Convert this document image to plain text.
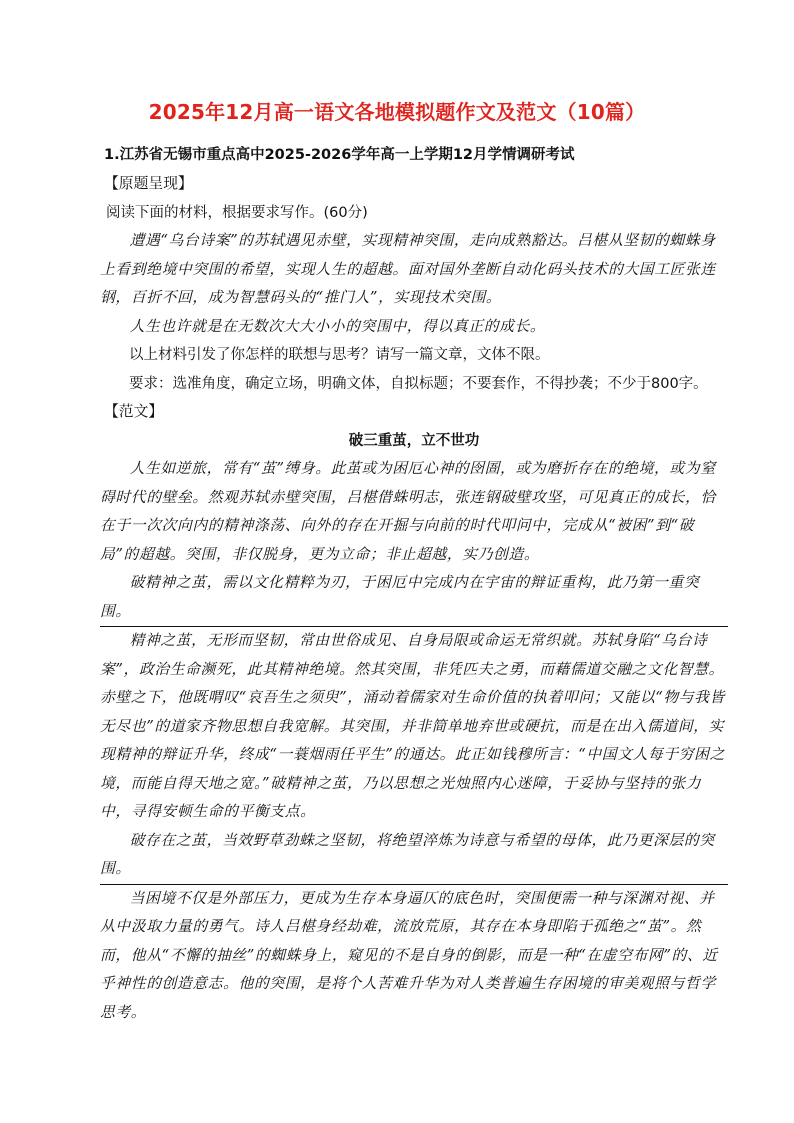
2025年12月高一语文各地模拟题作文及范文（10篇）
1.江苏省无锡市重点高中2025-2026学年高一上学期12月学情调研考试

【原题呈现】

阅读下面的材料，根据要求写作。(60分)

遭遇“乌台诗案”的苏轼遇见赤壁，实现精神突围，走向成熟豁达。吕椹从坚韧的蜘蛛身上看到绝境中突围的希望，实现人生的超越。面对国外垄断自动化码头技术的大国工匠张连钢，百折不回，成为智慧码头的“推门人”，实现技术突围。

人生也许就是在无数次大大小小的突围中，得以真正的成长。

以上材料引发了你怎样的联想与思考？请写一篇文章，文体不限。

要求：选准角度，确定立场，明确文体，自拟标题；不要套作，不得抄袭；不少于800字。

【范文】

破三重茧，立不世功

人生如逆旅，常有“茧”缚身。此茧或为困厄心神的囹圄，或为磨折存在的绝境，或为窒碍时代的壁垒。然观苏轼赤壁突围，吕椹借蛛明志，张连钢破壁攻坚，可见真正的成长，恰在于一次次向内的精神涤荡、向外的存在开掘与向前的时代叩问中，完成从“被困”到“破局”的超越。突围，非仅脱身，更为立命；非止超越，实乃创造。

破精神之茧，需以文化精粹为刃，于困厄中完成内在宇宙的辩证重构，此乃第一重突围。

精神之茧，无形而坚韧，常由世俗成见、自身局限或命运无常织就。苏轼身陷“乌台诗案”，政治生命濒死，此其精神绝境。然其突围，非凭匹夫之勇，而藉儒道交融之文化智慧。赤壁之下，他既喟叹“哀吾生之须臾”，涌动着儒家对生命价值的执着叩问；又能以“物与我皆无尽也”的道家齐物思想自我宽解。其突围，并非简单地弃世或硬抗，而是在出入儒道间，实现精神的辩证升华，终成“一蓑烟雨任平生”的通达。此正如钱穆所言：“中国文人每于穷困之境，而能自得天地之宽。”破精神之茧，乃以思想之光烛照内心迷障，于妥协与坚持的张力中，寻得安顿生命的平衡支点。

破存在之茧，当效野草劲蛛之坚韧，将绝望淬炼为诗意与希望的母体，此乃更深层的突围。

当困境不仅是外部压力，更成为生存本身逼仄的底色时，突围便需一种与深渊对视、并从中汲取力量的勇气。诗人吕椹身经劫难，流放荒原，其存在本身即陷于孤绝之“茧”。然而，他从“不懈的抽丝”的蜘蛛身上，窥见的不是自身的倒影，而是一种“在虚空布网”的、近乎神性的创造意志。他的突围，是将个人苦难升华为对人类普遍生存困境的审美观照与哲学思考。
